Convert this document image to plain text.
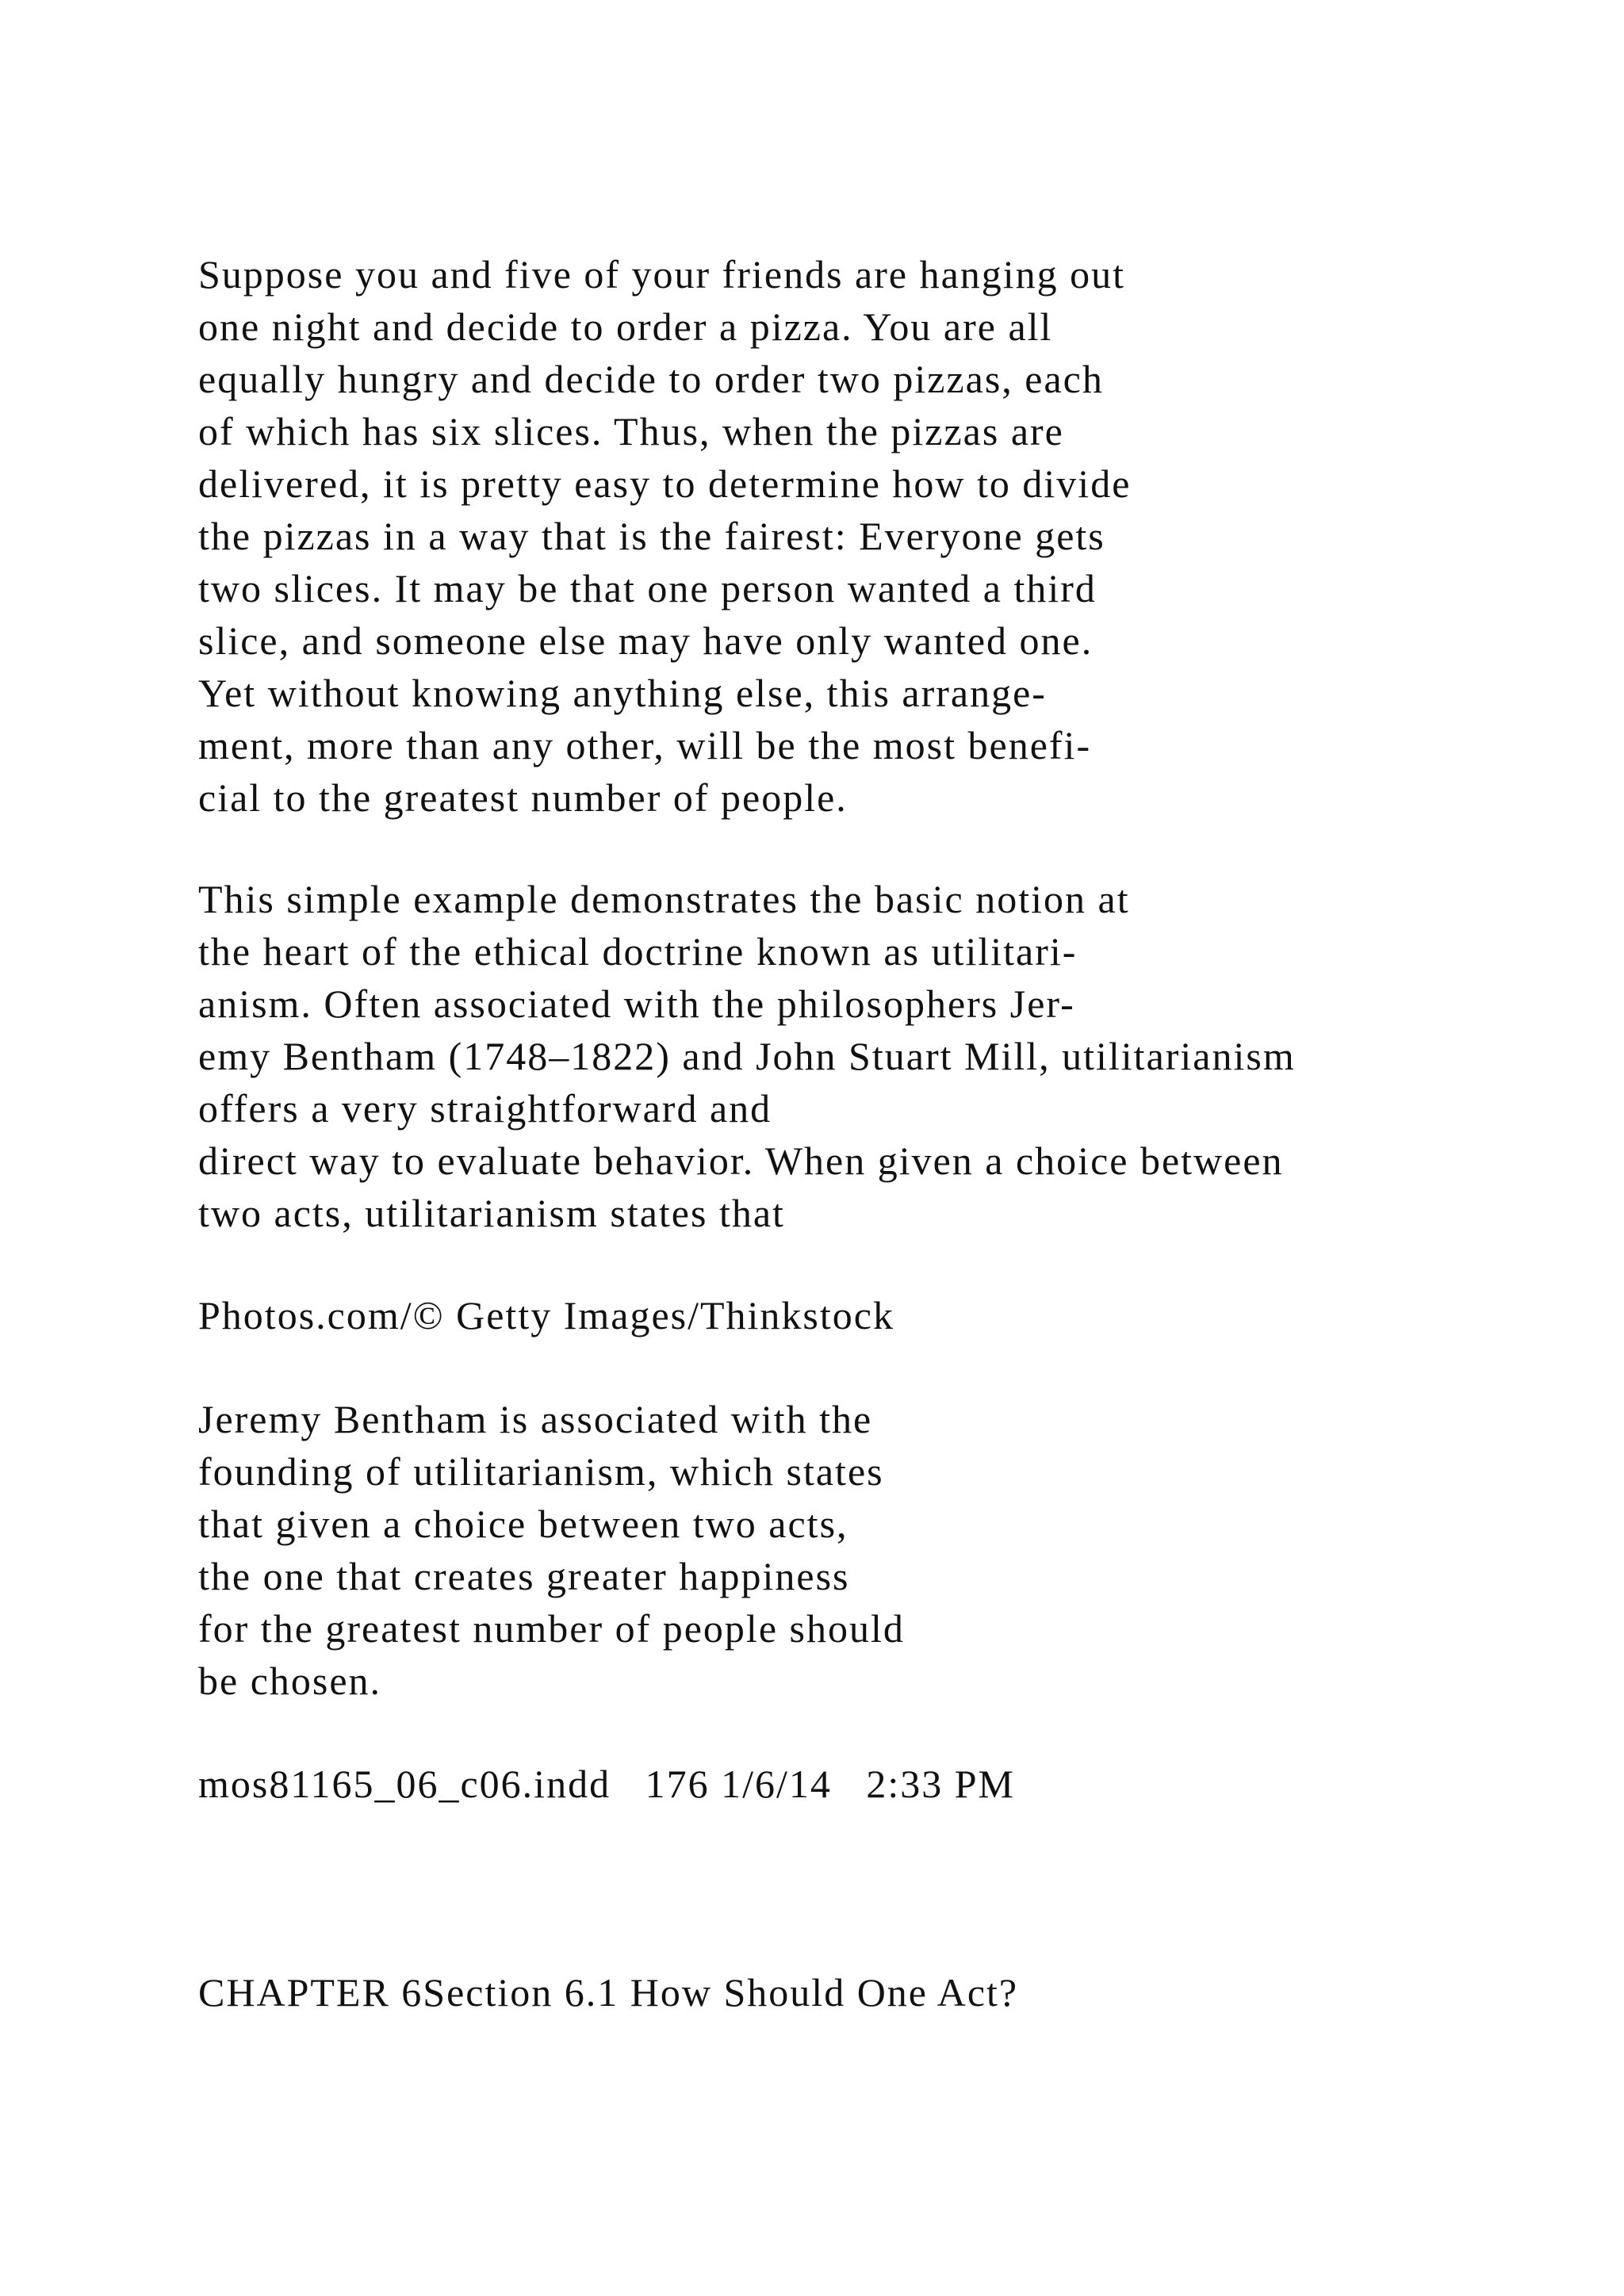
Suppose you and five of your friends are hanging out
one night and decide to order a pizza. You are all
equally hungry and decide to order two pizzas, each
of which has six slices. Thus, when the pizzas are
delivered, it is pretty easy to determine how to divide
the pizzas in a way that is the fairest: Everyone gets
two slices. It may be that one person wanted a third
slice, and someone else may have only wanted one.
Yet without knowing anything else, this arrange-
ment, more than any other, will be the most benefi-
cial to the greatest number of people.
This simple example demonstrates the basic notion at
the heart of the ethical doctrine known as utilitari-
anism. Often associated with the philosophers Jer-
emy Bentham (1748–1822) and John Stuart Mill, utilitarianism
offers a very straightforward and
direct way to evaluate behavior. When given a choice between
two acts, utilitarianism states that
Photos.com/© Getty Images/Thinkstock
Jeremy Bentham is associated with the
founding of utilitarianism, which states
that given a choice between two acts,
the one that creates greater happiness
for the greatest number of people should
be chosen.
mos81165_06_c06.indd   176 1/6/14   2:33 PM
CHAPTER 6Section 6.1 How Should One Act?
